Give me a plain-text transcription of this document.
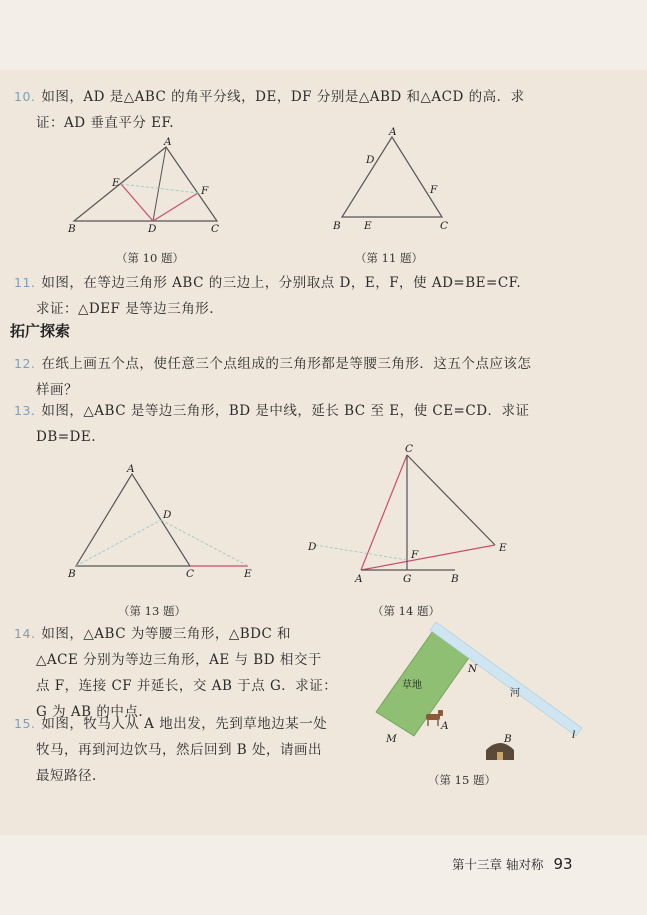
10. 如图，AD 是△ABC 的角平分线，DE，DF 分别是△ABD 和△ACD 的高．求
证：AD 垂直平分 EF.
A
B	C
D
E
F
（第 10 题）
A
B	C
D
E
F
（第 11 题）
11. 如图，在等边三角形 ABC 的三边上，分别取点 D，E，F，使 AD=BE=CF.
求证：△DEF 是等边三角形.
拓广探索
12. 在纸上画五个点，使任意三个点组成的三角形都是等腰三角形．这五个点应该怎
样画？
13. 如图，△ABC 是等边三角形，BD 是中线，延长 BC 至 E，使 CE=CD．求证
DB=DE.
A
B	C
D
E
（第 13 题）
C
D	E
F
A	G	B
（第 14 题）
14. 如图，△ABC 为等腰三角形，△BDC 和
△ACE 分别为等边三角形，AE 与 BD 相交于
点 F，连接 CF 并延长，交 AB 于点 G．求证：
G 为 AB 的中点.
15. 如图，牧马人从 A 地出发，先到草地边某一处
牧马，再到河边饮马，然后回到 B 处，请画出
最短路径.
草地
河
N
M	l
A
B
（第 15 题）
第十三章 轴对称 93
